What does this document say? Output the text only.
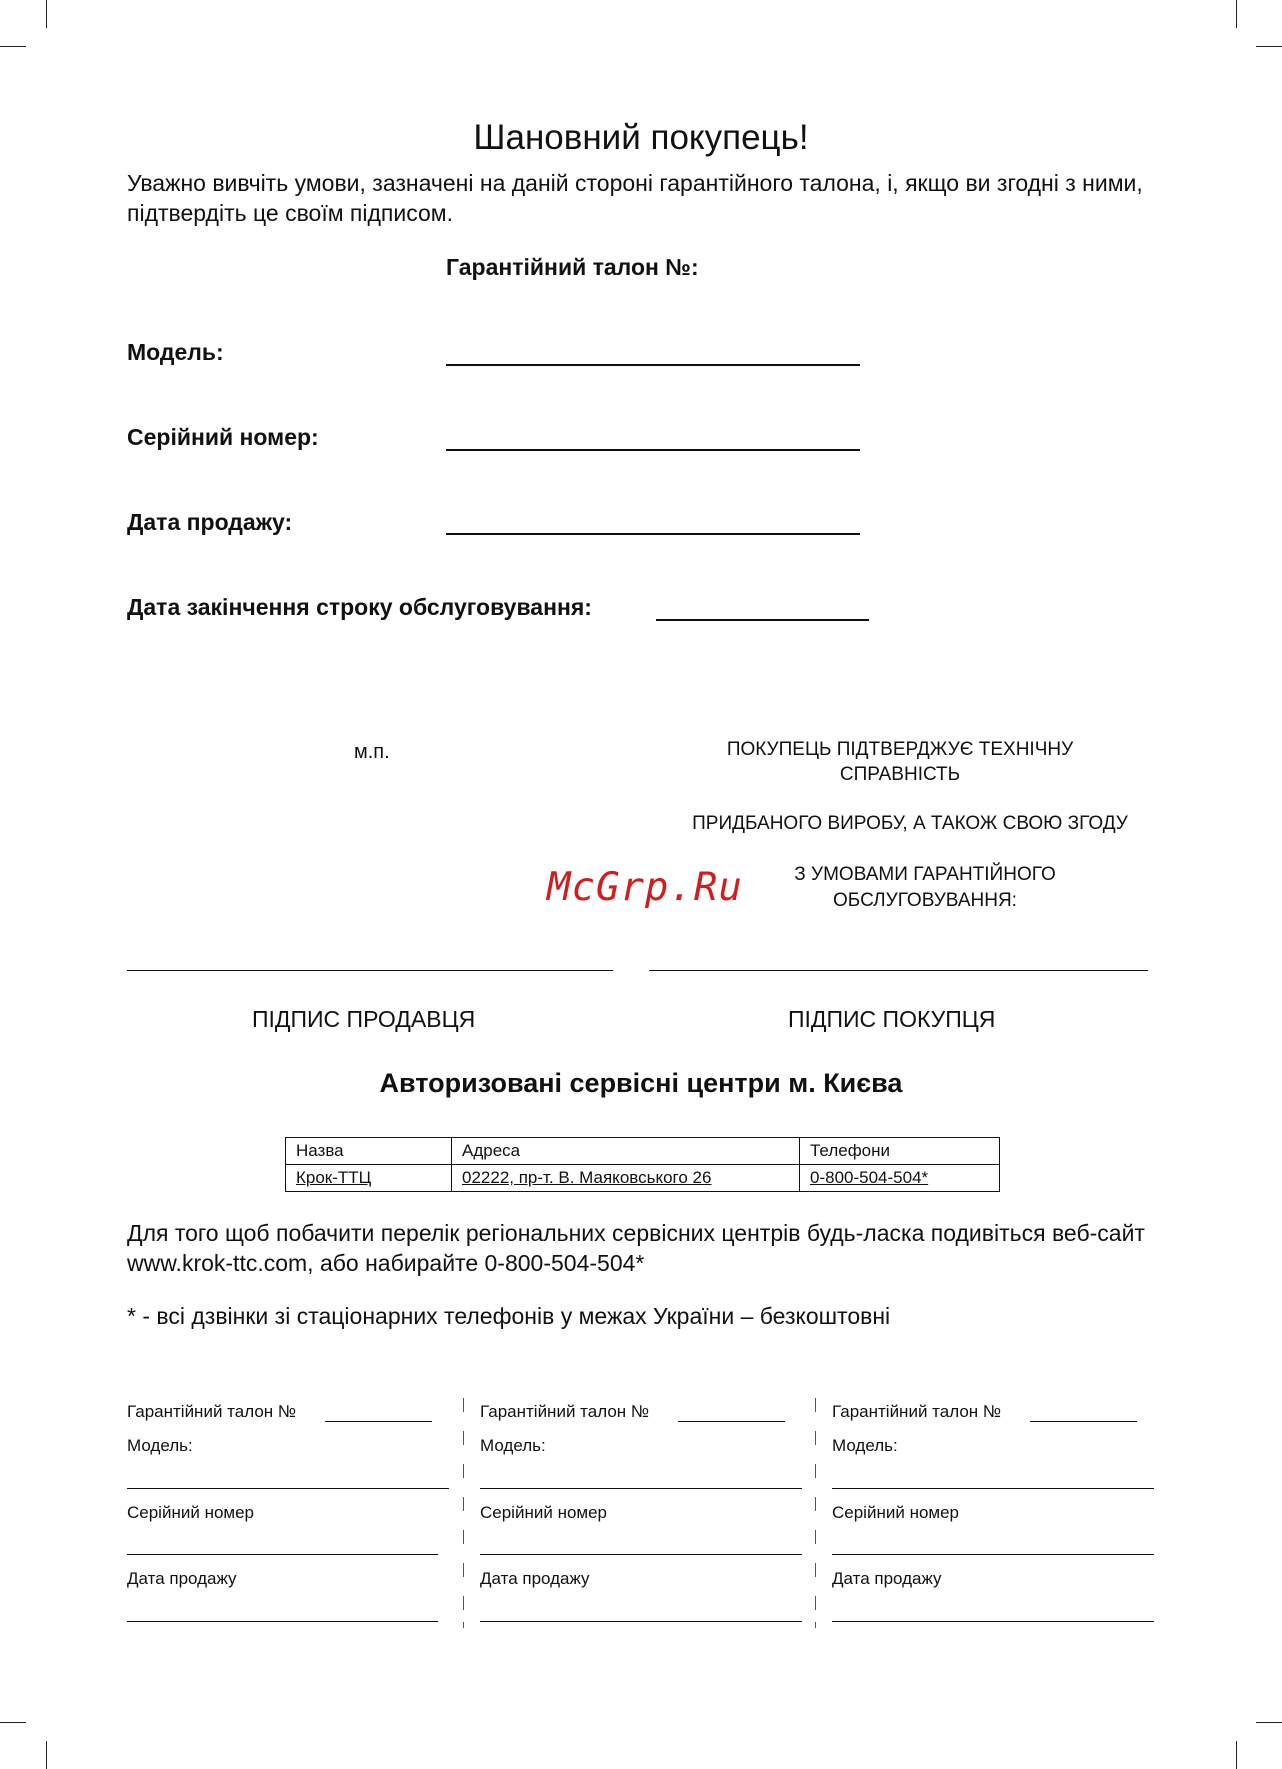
Шановний покупець!
Уважно вивчіть умови, зазначені на даній стороні гарантійного талона, і, якщо ви згодні з ними, підтвердіть це своїм підписом.
Гарантійний талон №:
Модель:
Серійний номер:
Дата продажу:
Дата закінчення строку обслуговування:
м.п.	ПОКУПЕЦЬ ПІДТВЕРДЖУЄ ТЕХНІЧНУ
СПРАВНІСТЬ
ПРИДБАНОГО ВИРОБУ, А ТАКОЖ СВОЮ ЗГОДУ
З УМОВАМИ ГАРАНТІЙНОГО
ОБСЛУГОВУВАННЯ:
McGrp.Ru
ПІДПИС ПРОДАВЦЯ	ПІДПИС ПОКУПЦЯ
Авторизовані сервісні центри м. Києва
Назва	Адреса	Телефони
Крок-ТТЦ	02222, пр-т. В. Маяковського 26	0-800-504-504*
Для того щоб побачити перелік регіональних сервісних центрів будь-ласка подивіться веб-сайт www.krok-ttc.com, або набирайте 0-800-504-504*
* - всі дзвінки зі стаціонарних телефонів у межах України – безкоштовні
Гарантійний талон №
Модель:
Серійний номер
Дата продажу
Гарантійний талон №
Модель:
Серійний номер
Дата продажу
Гарантійний талон №
Модель:
Серійний номер
Дата продажу
